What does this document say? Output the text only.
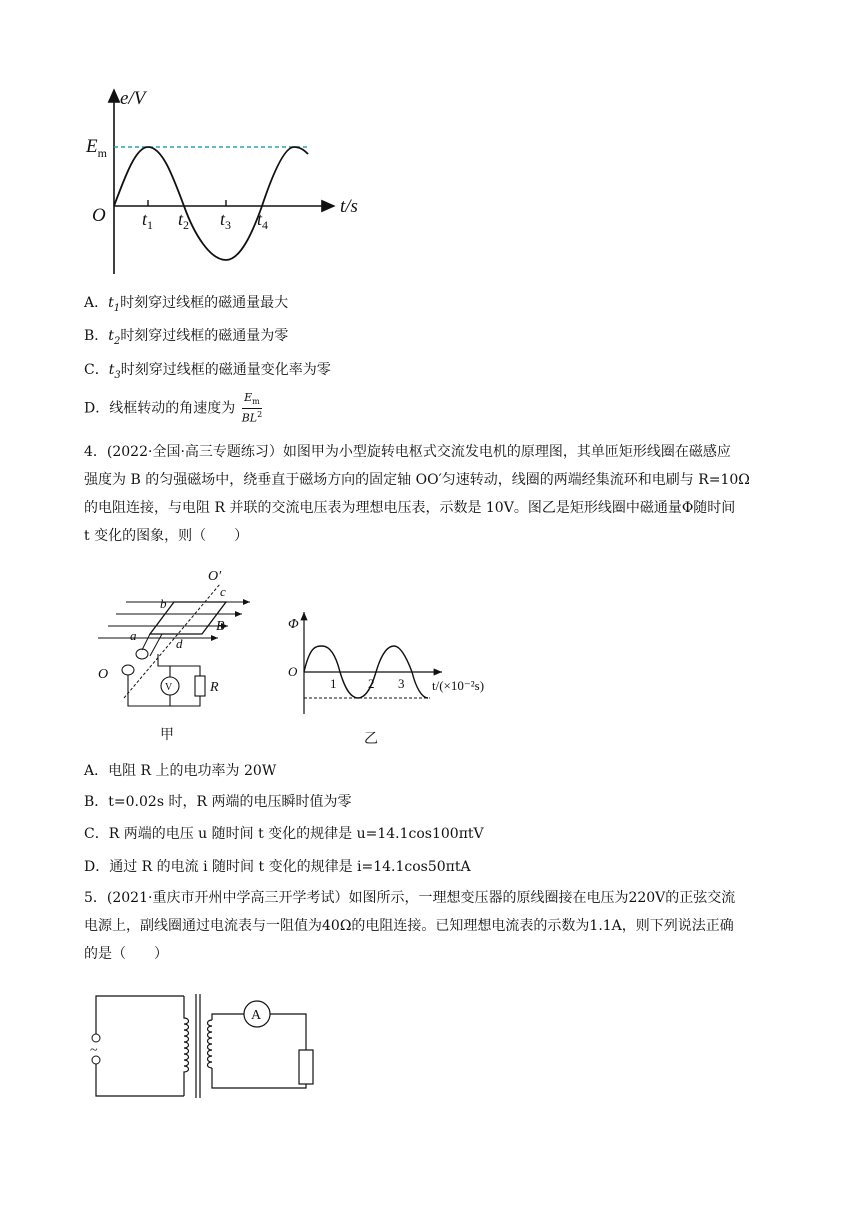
e/V
$E_m$
O	t/s
$t_1$ $t_2$ $t_3$ $t_4$
A．$t_1$时刻穿过线框的磁通量最大
B．$t_2$时刻穿过线框的磁通量为零
C．$t_3$时刻穿过线框的磁通量变化率为零
D．线框转动的角速度为 $\frac{E_m}{BL^2}$
4．(2022·全国·高三专题练习）如图甲为小型旋转电枢式交流发电机的原理图，其单匝矩形线圈在磁感应
强度为 B 的匀强磁场中，绕垂直于磁场方向的固定轴 OO′匀速转动，线圈的两端经集流环和电刷与 R=10Ω
的电阻连接，与电阻 R 并联的交流电压表为理想电压表，示数是 10V。图乙是矩形线圈中磁通量Φ随时间
t 变化的图象，则（　　）
O′
O
b
c
a
d
B
V	R
甲
Φ
O
1 2 3 t/(×10⁻²s)
乙
A．电阻 R 上的电功率为 20W
B．t=0.02s 时，R 两端的电压瞬时值为零
C．R 两端的电压 u 随时间 t 变化的规律是 u=14.1cos100πtV
D．通过 R 的电流 i 随时间 t 变化的规律是 i=14.1cos50πtA
5．(2021·重庆市开州中学高三开学考试）如图所示，一理想变压器的原线圈接在电压为220V的正弦交流
电源上，副线圈通过电流表与一阻值为40Ω的电阻连接。已知理想电流表的示数为1.1A，则下列说法正确
的是（　　）
~
A
